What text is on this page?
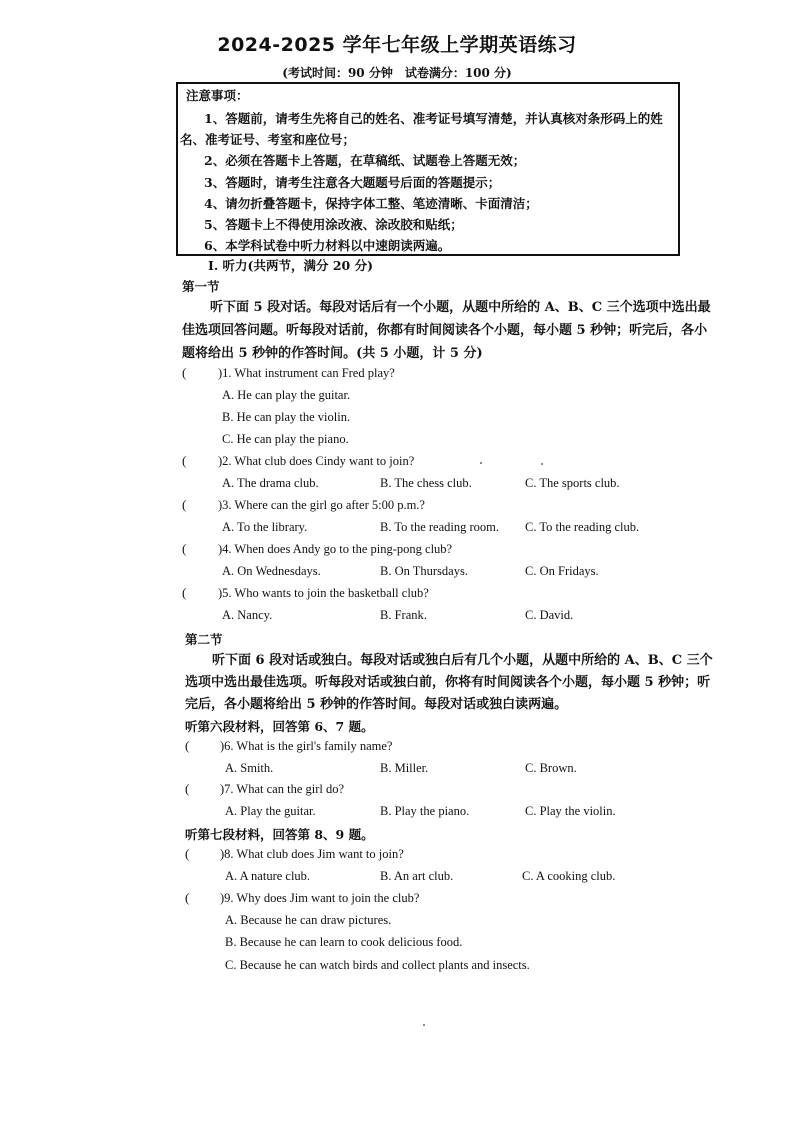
2024-2025 学年七年级上学期英语练习
(考试时间：90 分钟　试卷满分：100 分)
注意事项：
1、答题前，请考生先将自己的姓名、准考证号填写清楚，并认真核对条形码上的姓
名、准考证号、考室和座位号；
2、必须在答题卡上答题，在草稿纸、试题卷上答题无效；
3、答题时，请考生注意各大题题号后面的答题提示；
4、请勿折叠答题卡，保持字体工整、笔迹清晰、卡面清洁；
5、答题卡上不得使用涂改液、涂改胶和贴纸；
6、本学科试卷中听力材料以中速朗读两遍。
Ⅰ. 听力(共两节，满分 20 分)
第一节
听下面 5 段对话。每段对话后有一个小题，从题中所给的 A、B、C 三个选项中选出最
佳选项回答问题。听每段对话前，你都有时间阅读各个小题，每小题 5 秒钟；听完后，各小
题将给出 5 秒钟的作答时间。(共 5 小题，计 5 分)
(	)1. What instrument can Fred play?
A. He can play the guitar.
B. He can play the violin.
C. He can play the piano.
(	)2. What club does Cindy want to join?
A. The drama club.	B. The chess club.	C. The sports club.
(	)3. Where can the girl go after 5:00 p.m.?
A. To the library.	B. To the reading room. C. To the reading club.
(	)4. When does Andy go to the ping-pong club?
A. On Wednesdays.	B. On Thursdays.	C. On Fridays.
(	)5. Who wants to join the basketball club?
A. Nancy.	B. Frank.	C. David.
第二节
听下面 6 段对话或独白。每段对话或独白后有几个小题，从题中所给的 A、B、C 三个
选项中选出最佳选项。听每段对话或独白前，你将有时间阅读各个小题，每小题 5 秒钟；听
完后，各小题将给出 5 秒钟的作答时间。每段对话或独白读两遍。
听第六段材料，回答第 6、7 题。
( )6. What is the girl's family name?
A. Smith.	B. Miller.	C. Brown.
( )7. What can the girl do?
A. Play the guitar.	B. Play the piano.	C. Play the violin.
听第七段材料，回答第 8、9 题。
( )8. What club does Jim want to join?
A. A nature club.	B. An art club.	C. A cooking club.
( )9. Why does Jim want to join the club?
A. Because he can draw pictures.
B. Because he can learn to cook delicious food.
C. Because he can watch birds and collect plants and insects.
